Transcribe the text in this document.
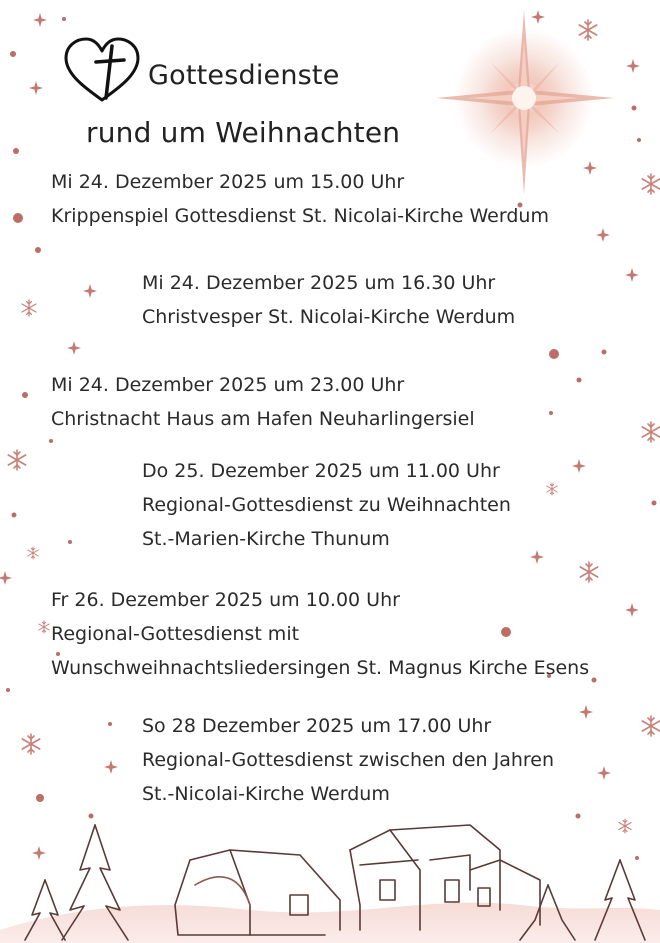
Gottesdienste
rund um Weihnachten
Mi 24. Dezember 2025 um 15.00 Uhr
Krippenspiel Gottesdienst St. Nicolai-Kirche Werdum
Mi 24. Dezember 2025 um 16.30 Uhr
Christvesper St. Nicolai-Kirche Werdum
Mi 24. Dezember 2025 um 23.00 Uhr
Christnacht Haus am Hafen Neuharlingersiel
Do 25. Dezember 2025 um 11.00 Uhr
Regional-Gottesdienst zu Weihnachten
St.-Marien-Kirche Thunum
Fr 26. Dezember 2025 um 10.00 Uhr
Regional-Gottesdienst mit
Wunschweihnachtsliedersingen St. Magnus Kirche Esens
So 28 Dezember 2025 um 17.00 Uhr
Regional-Gottesdienst zwischen den Jahren
St.-Nicolai-Kirche Werdum
